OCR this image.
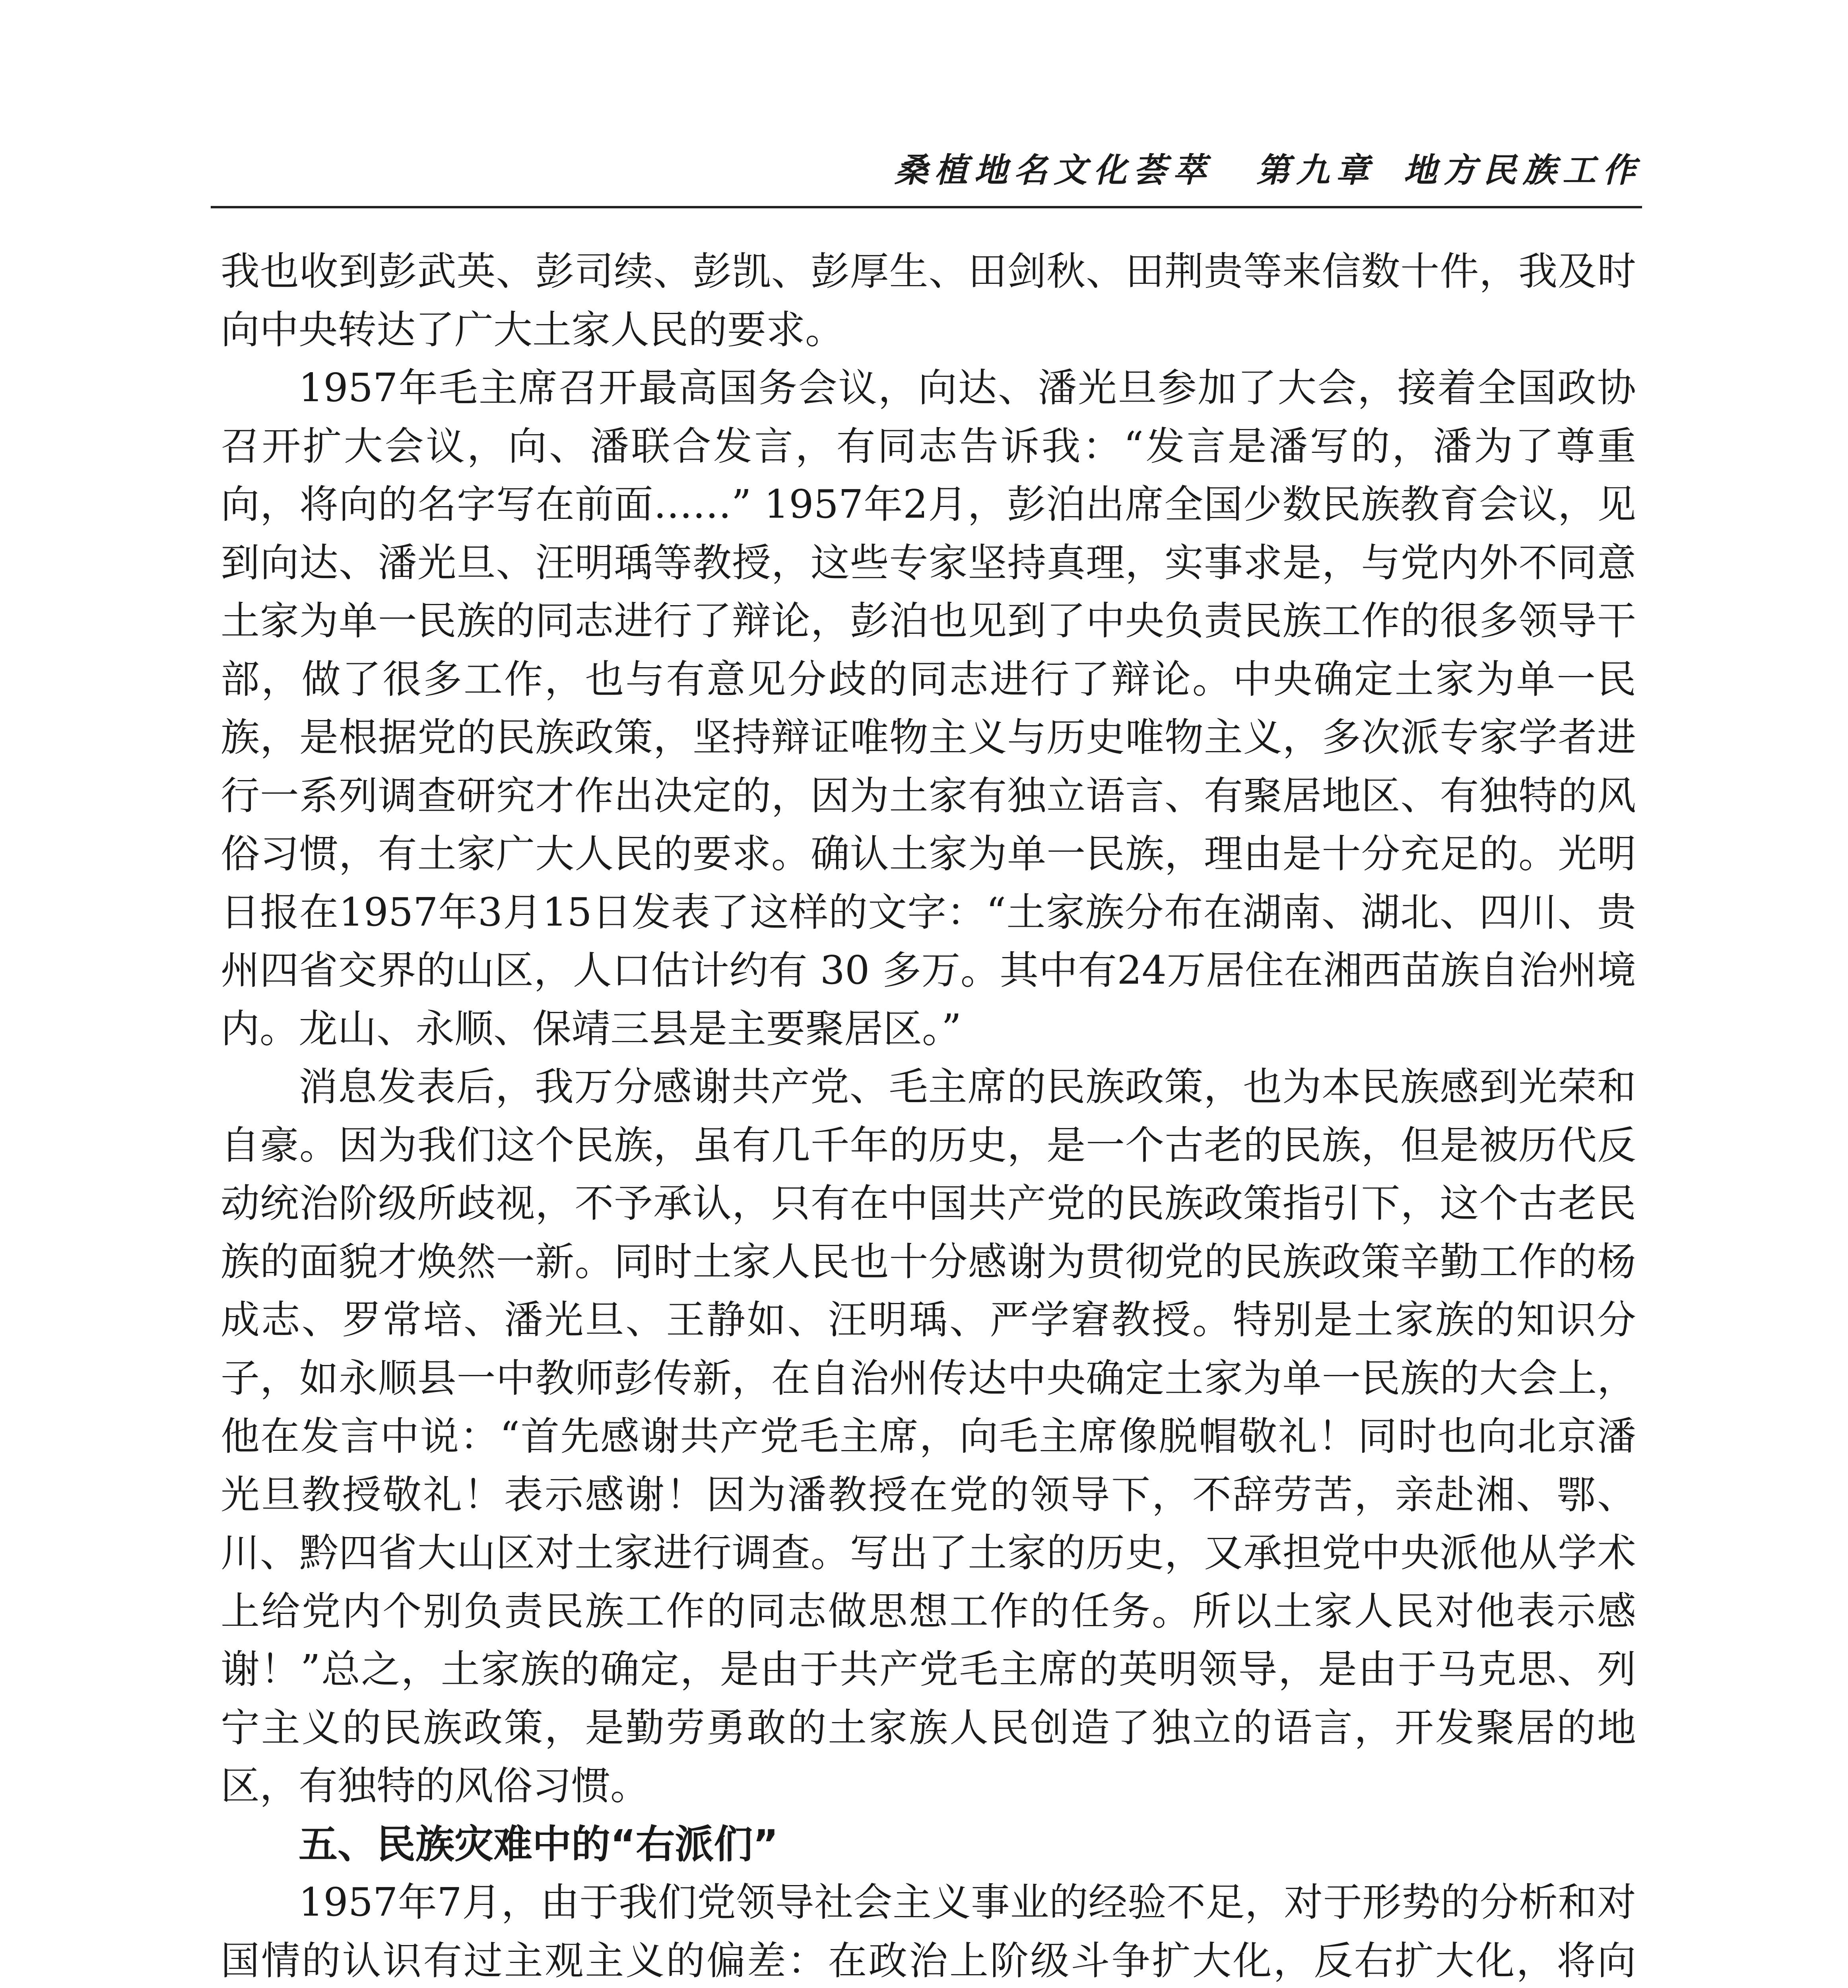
桑植地名文化荟萃 第九章 地方民族工作

我也收到彭武英、彭司续、彭凯、彭厚生、田剑秋、田荆贵等来信数十件，我及时向中央转达了广大土家人民的要求。

1957年毛主席召开最高国务会议，向达、潘光旦参加了大会，接着全国政协召开扩大会议，向、潘联合发言，有同志告诉我：“发言是潘写的，潘为了尊重向，将向的名字写在前面……” 1957年2月，彭泊出席全国少数民族教育会议，见到向达、潘光旦、汪明瑀等教授，这些专家坚持真理，实事求是，与党内外不同意土家为单一民族的同志进行了辩论，彭泊也见到了中央负责民族工作的很多领导干部，做了很多工作，也与有意见分歧的同志进行了辩论。中央确定土家为单一民族，是根据党的民族政策，坚持辩证唯物主义与历史唯物主义，多次派专家学者进行一系列调查研究才作出决定的，因为土家有独立语言、有聚居地区、有独特的风俗习惯，有土家广大人民的要求。确认土家为单一民族，理由是十分充足的。光明日报在1957年3月15日发表了这样的文字：“土家族分布在湖南、湖北、四川、贵州四省交界的山区，人口估计约有 30 多万。其中有24万居住在湘西苗族自治州境内。龙山、永顺、保靖三县是主要聚居区。”

消息发表后，我万分感谢共产党、毛主席的民族政策，也为本民族感到光荣和自豪。因为我们这个民族，虽有几千年的历史，是一个古老的民族，但是被历代反动统治阶级所歧视，不予承认，只有在中国共产党的民族政策指引下，这个古老民族的面貌才焕然一新。同时土家人民也十分感谢为贯彻党的民族政策辛勤工作的杨成志、罗常培、潘光旦、王静如、汪明瑀、严学窘教授。特别是土家族的知识分子，如永顺县一中教师彭传新，在自治州传达中央确定土家为单一民族的大会上，他在发言中说：“首先感谢共产党毛主席，向毛主席像脱帽敬礼！同时也向北京潘光旦教授敬礼！表示感谢！因为潘教授在党的领导下，不辞劳苦，亲赴湘、鄂、川、黔四省大山区对土家进行调查。写出了土家的历史，又承担党中央派他从学术上给党内个别负责民族工作的同志做思想工作的任务。所以土家人民对他表示感谢！”总之，土家族的确定，是由于共产党毛主席的英明领导，是由于马克思、列宁主义的民族政策，是勤劳勇敢的土家族人民创造了独立的语言，开发聚居的地区，有独特的风俗习惯。

五、民族灾难中的“右派们”

1957年7月，由于我们党领导社会主义事业的经验不足，对于形势的分析和对国情的认识有过主观主义的偏差：在政治上阶级斗争扩大化，反右扩大化，将向
